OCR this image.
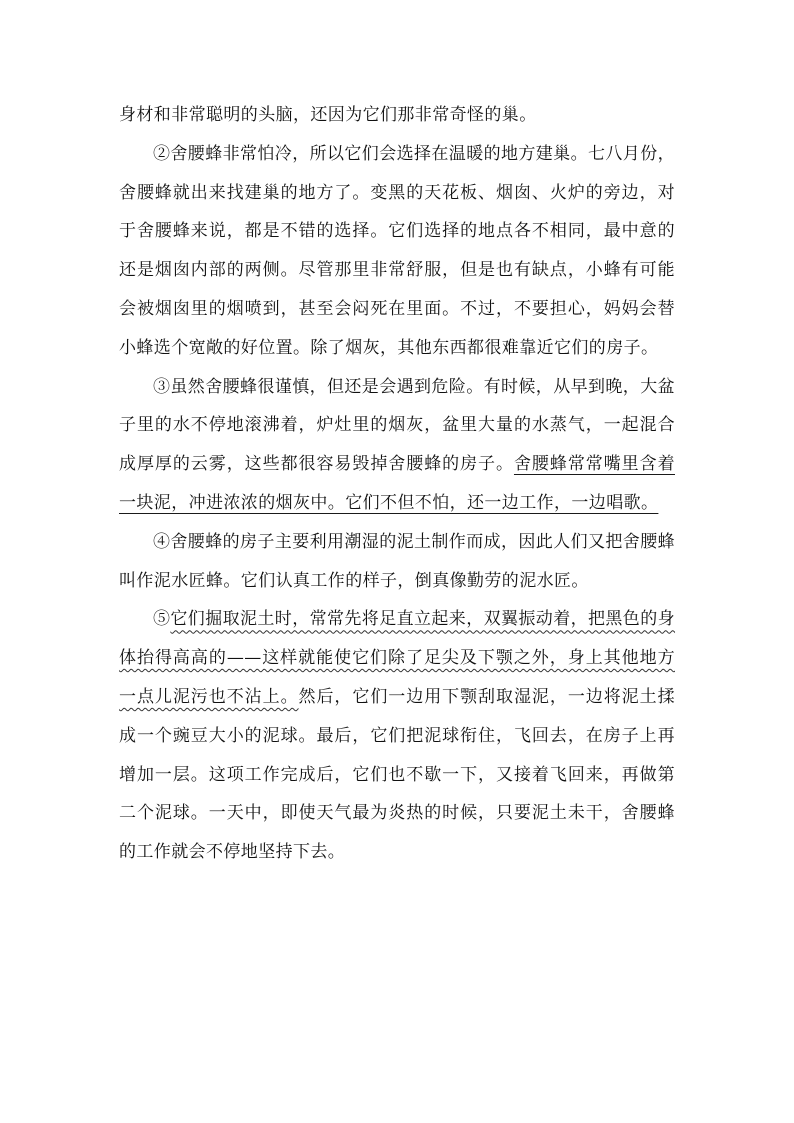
身材和非常聪明的头脑，还因为它们那非常奇怪的巢。

②舍腰蜂非常怕冷，所以它们会选择在温暖的地方建巢。七八月份，舍腰蜂就出来找建巢的地方了。变黑的天花板、烟囱、火炉的旁边，对于舍腰蜂来说，都是不错的选择。它们选择的地点各不相同，最中意的还是烟囱内部的两侧。尽管那里非常舒服，但是也有缺点，小蜂有可能会被烟囱里的烟喷到，甚至会闷死在里面。不过，不要担心，妈妈会替小蜂选个宽敞的好位置。除了烟灰，其他东西都很难靠近它们的房子。

③虽然舍腰蜂很谨慎，但还是会遇到危险。有时候，从早到晚，大盆子里的水不停地滚沸着，炉灶里的烟灰，盆里大量的水蒸气，一起混合成厚厚的云雾，这些都很容易毁掉舍腰蜂的房子。舍腰蜂常常嘴里含着一块泥，冲进浓浓的烟灰中。它们不但不怕，还一边工作，一边唱歌。

④舍腰蜂的房子主要利用潮湿的泥土制作而成，因此人们又把舍腰蜂叫作泥水匠蜂。它们认真工作的样子，倒真像勤劳的泥水匠。

⑤它们掘取泥土时，常常先将足直立起来，双翼振动着，把黑色的身体抬得高高的——这样就能使它们除了足尖及下颚之外，身上其他地方一点儿泥污也不沾上。然后，它们一边用下颚刮取湿泥，一边将泥土揉成一个豌豆大小的泥球。最后，它们把泥球衔住，飞回去，在房子上再增加一层。这项工作完成后，它们也不歇一下，又接着飞回来，再做第二个泥球。一天中，即使天气最为炎热的时候，只要泥土未干，舍腰蜂的工作就会不停地坚持下去。
